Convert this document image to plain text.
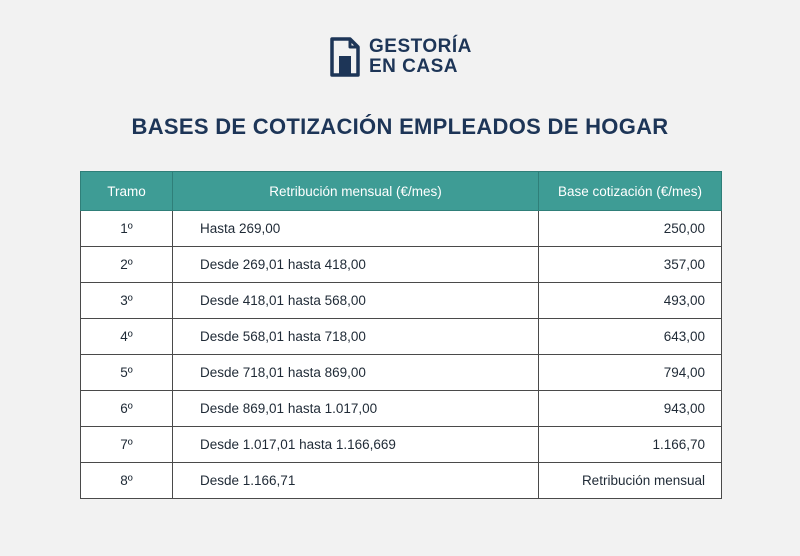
GESTORÍA
EN CASA
BASES DE COTIZACIÓN EMPLEADOS DE HOGAR
Tramo	Retribución mensual (€/mes)	Base cotización (€/mes)
1º	Hasta 269,00	250,00
2º	Desde 269,01 hasta 418,00	357,00
3º	Desde 418,01 hasta 568,00	493,00
4º	Desde 568,01 hasta 718,00	643,00
5º	Desde 718,01 hasta 869,00	794,00
6º	Desde 869,01 hasta 1.017,00	943,00
7º	Desde 1.017,01 hasta 1.166,669	1.166,70
8º	Desde 1.166,71	Retribución mensual
